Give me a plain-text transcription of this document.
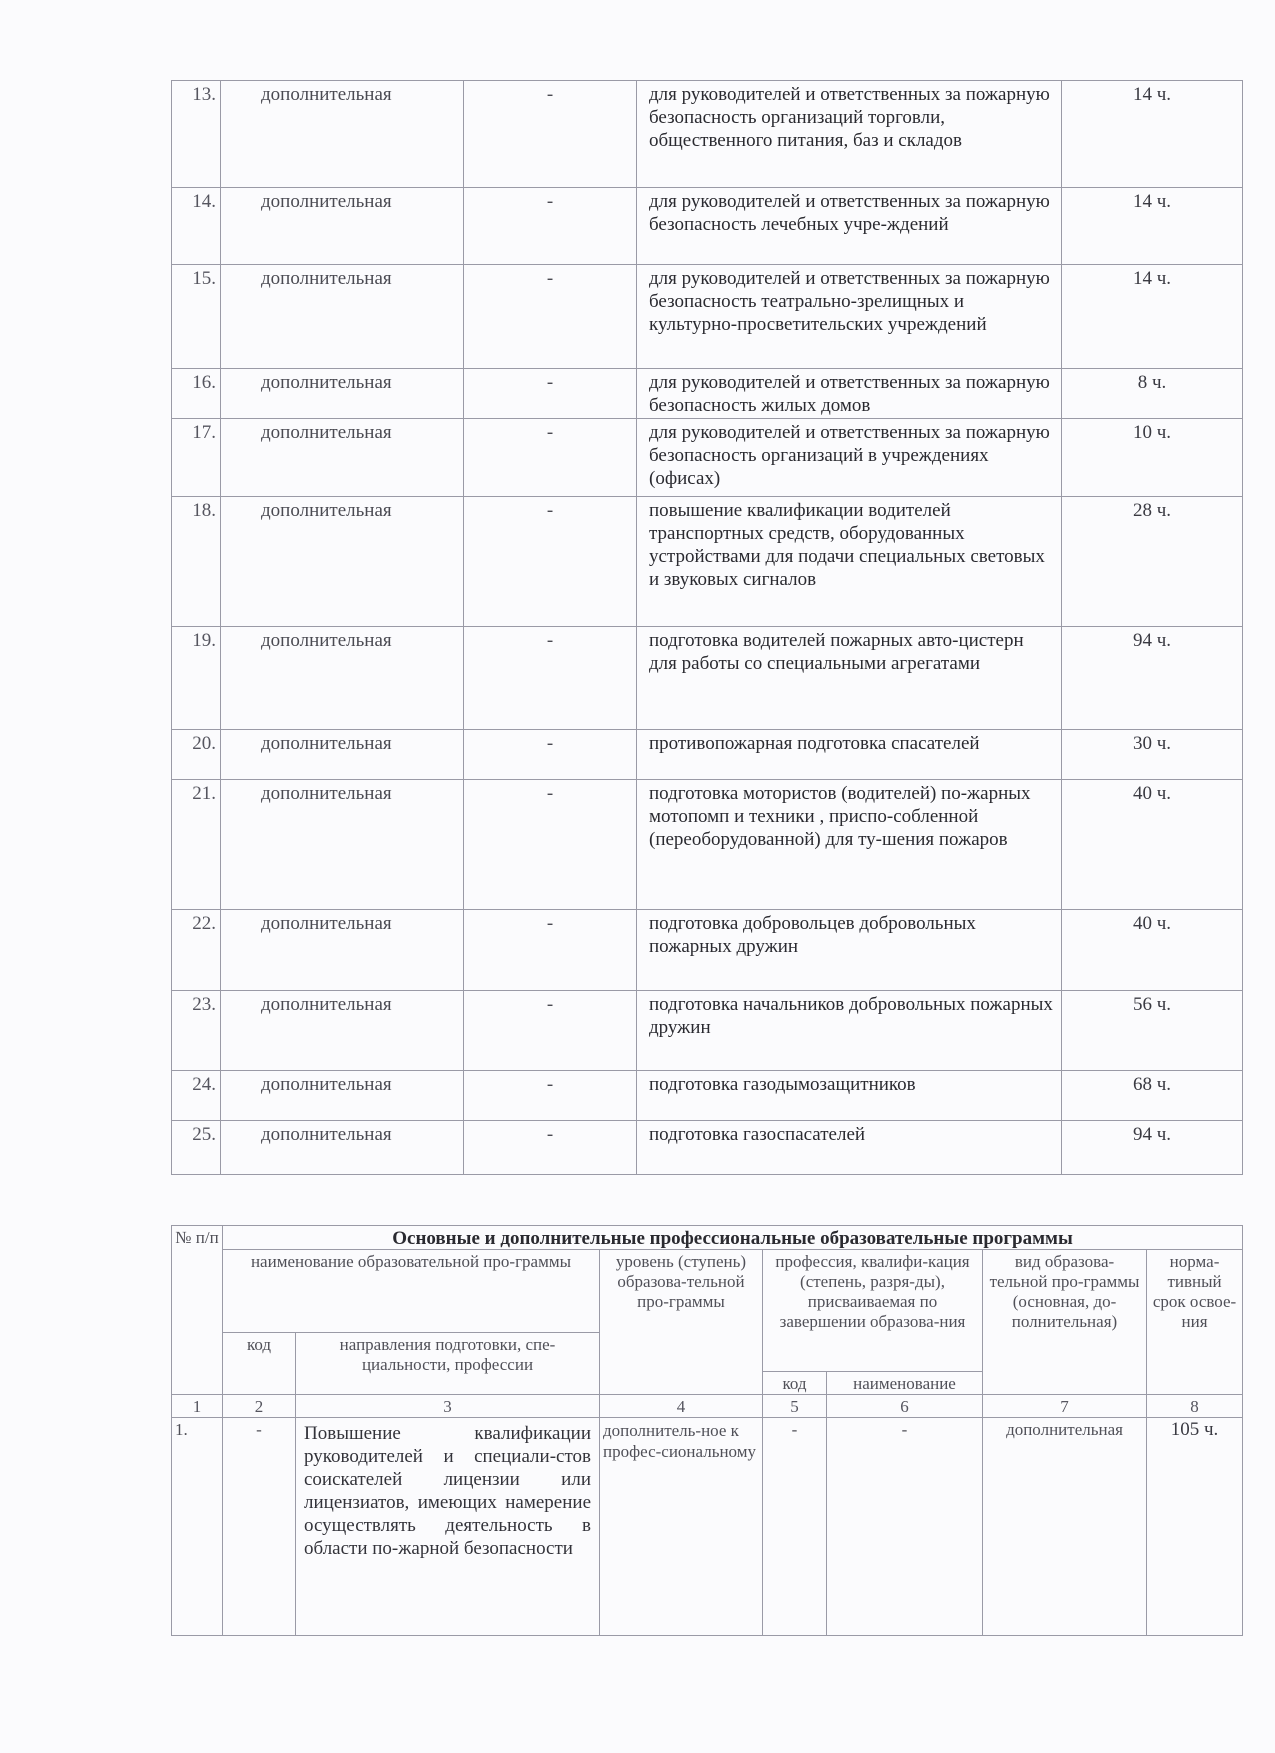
13.	дополнительная	-	для руководителей и ответственных за пожарную безопасность организаций торговли, общественного питания, баз и складов	14 ч.
14.	дополнительная	-	для руководителей и ответственных за пожарную безопасность лечебных учре-ждений	14 ч.
15.	дополнительная	-	для руководителей и ответственных за пожарную безопасность театрально-зрелищных и культурно-просветительских учреждений	14 ч.
16.	дополнительная	-	для руководителей и ответственных за пожарную безопасность жилых домов	8 ч.
17.	дополнительная	-	для руководителей и ответственных за пожарную безопасность организаций в учреждениях (офисах)	10 ч.
18.	дополнительная	-	повышение квалификации водителей транспортных средств, оборудованных устройствами для подачи специальных световых и звуковых сигналов	28 ч.
19.	дополнительная	-	подготовка водителей пожарных авто-цистерн для работы со специальными агрегатами	94 ч.
20.	дополнительная	-	противопожарная подготовка спасателей	30 ч.
21.	дополнительная	-	подготовка мотористов (водителей) по-жарных мотопомп и техники , приспо-собленной (переоборудованной) для ту-шения пожаров	40 ч.
22.	дополнительная	-	подготовка добровольцев добровольных пожарных дружин	40 ч.
23.	дополнительная	-	подготовка начальников добровольных пожарных дружин	56 ч.
24.	дополнительная	-	подготовка газодымозащитников	68 ч.
25.	дополнительная	-	подготовка газоспасателей	94 ч.
№ п/п	Основные и дополнительные профессиональные образовательные программы						
	наименование образовательной про-граммы		уровень (ступень) образова-тельной про-граммы	профессия, квалифи-кация (степень, разря-ды), присваиваемая по завершении образова-ния		вид образова-тельной про-граммы (основная, до-полнительная)	норма-тивный срок освое-ния
	код	направления подготовки, спе-циальности, профессии					
				код	наименование		
1	2	3	4	5	6	7	8
1.	-	Повышение квалификации руководителей и специали-стов соискателей лицензии или лицензиатов, имеющих намерение осуществлять деятельность в области по-жарной безопасности	дополнитель-ное к профес-сиональному	-	-	дополнительная	105 ч.
